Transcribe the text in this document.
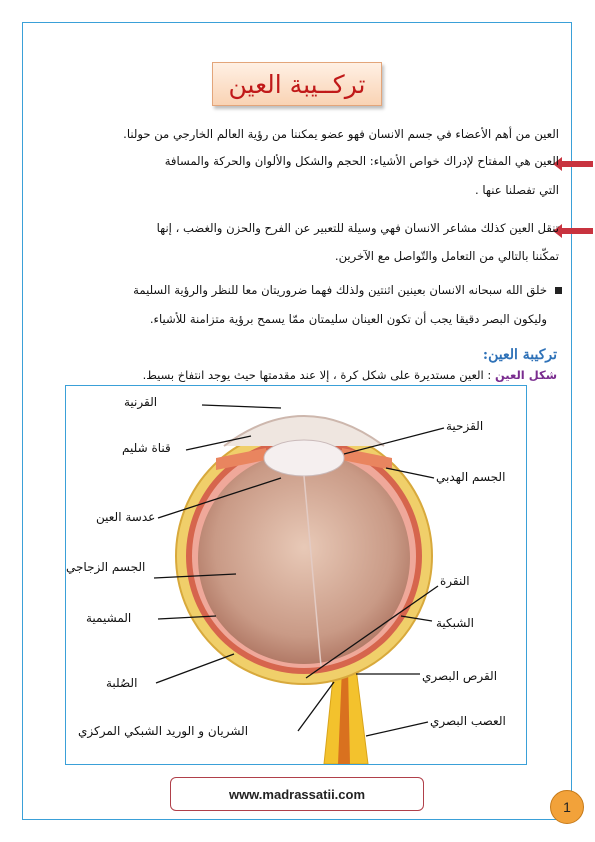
تركــيبة العين
العين من أهم الأعضاء في جسم الانسان فهو عضو يمكننا من رؤية العالم الخارجي من حولنا.
العين هي المفتاح لإدراك خواص الأشياء: الحجم والشكل والألوان والحركة والمسافة
التي تفصلنا عنها .
تنقل العين كذلك مشاعر الانسان فهي وسيلة للتعبير عن الفرح والحزن والغضب ، إنها
تمكّننا بالتالي من التعامل والتّواصل مع الآخرين.
خلق الله سبحانه الانسان بعينين اثنتين ولذلك فهما ضروريتان معا للنظر والرؤية السليمة
وليكون البصر دقيقا يجب أن تكون العينان سليمتان ممّا يسمح برؤية متزامنة للأشياء.
تركيبة العين:
شكل العين : العين مستديرة على شكل كرة ، إلا عند مقدمتها حيث يوجد انتفاخ بسيط.
القرنية
قناة شليم
عدسة العين
الجسم الزجاجي
المشيمية
الصُلبة
الشريان و الوريد الشبكي المركزي
القزحية
الجسم الهدبي
النقرة
الشبكية
القرص البصري
العصب البصري
www.madrassatii.com
1
